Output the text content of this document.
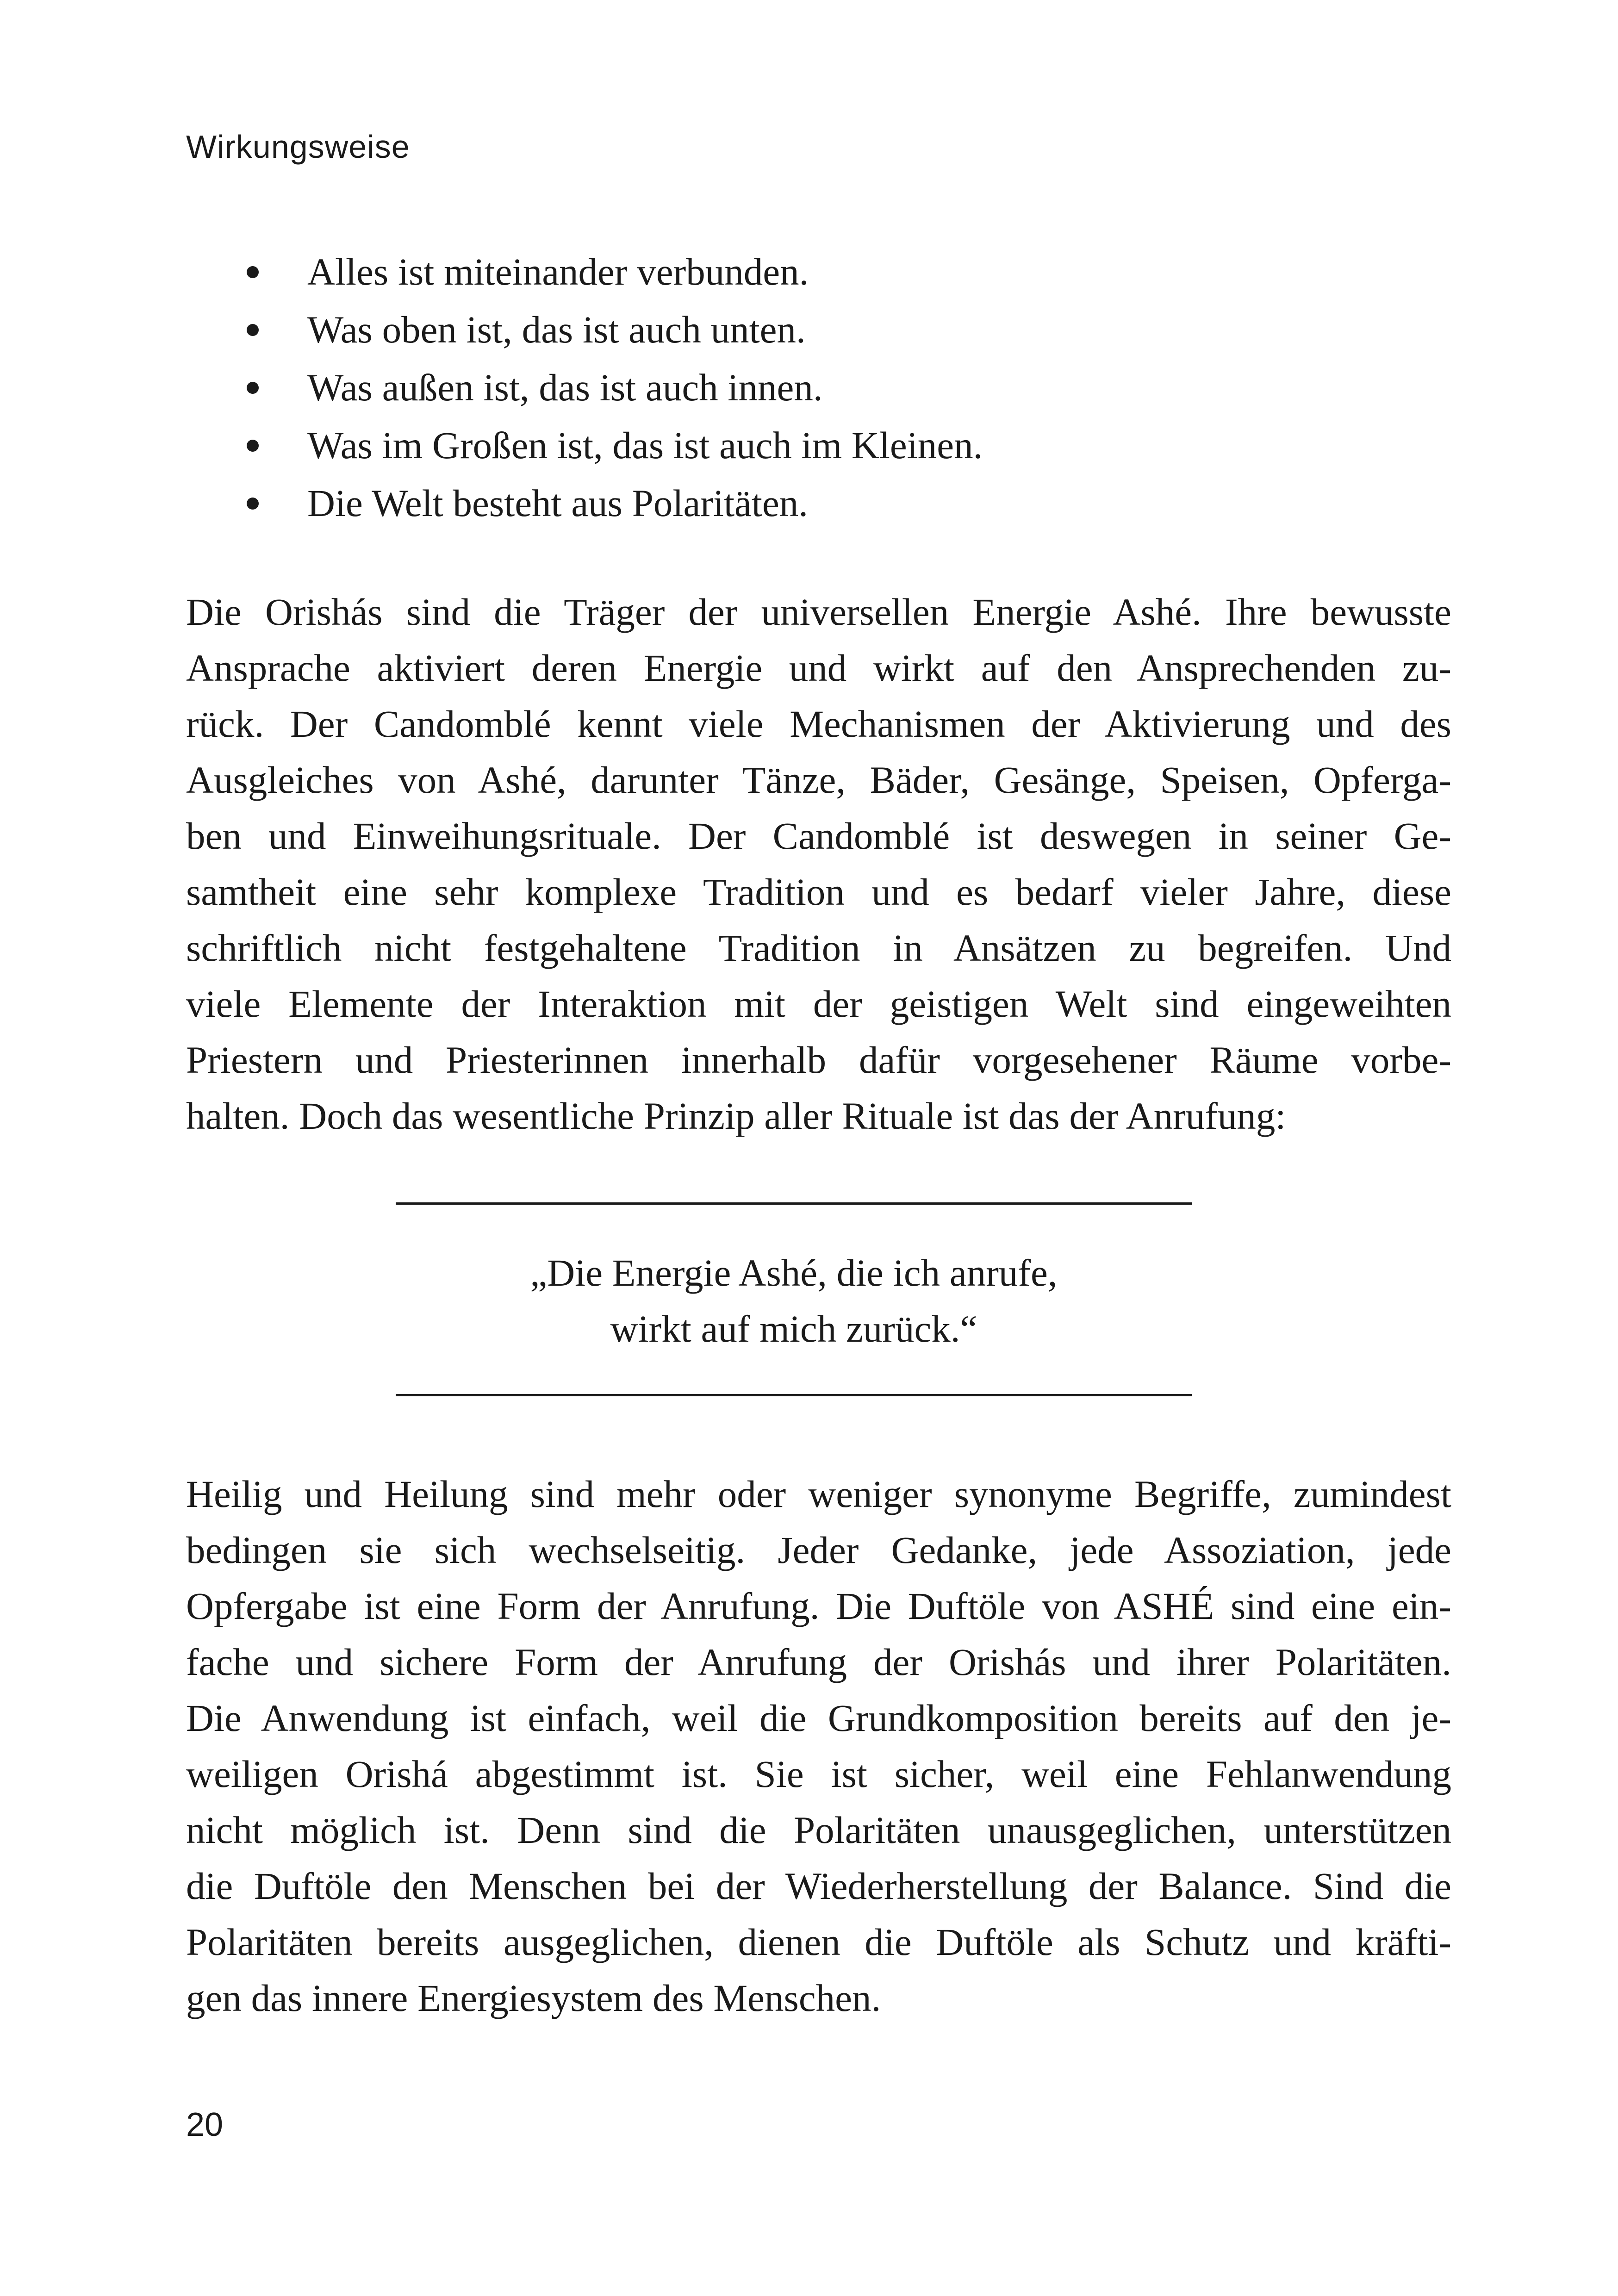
Wirkungsweise
Alles ist miteinander verbunden.
Was oben ist, das ist auch unten.
Was außen ist, das ist auch innen.
Was im Großen ist, das ist auch im Kleinen.
Die Welt besteht aus Polaritäten.
Die Orishás sind die Träger der universellen Energie Ashé. Ihre bewusste
Ansprache aktiviert deren Energie und wirkt auf den Ansprechenden zu-
rück. Der Candomblé kennt viele Mechanismen der Aktivierung und des
Ausgleiches von Ashé, darunter Tänze, Bäder, Gesänge, Speisen, Opferga-
ben und Einweihungsrituale. Der Candomblé ist deswegen in seiner Ge-
samtheit eine sehr komplexe Tradition und es bedarf vieler Jahre, diese
schriftlich nicht festgehaltene Tradition in Ansätzen zu begreifen. Und
viele Elemente der Interaktion mit der geistigen Welt sind eingeweihten
Priestern und Priesterinnen innerhalb dafür vorgesehener Räume vorbe-
halten. Doch das wesentliche Prinzip aller Rituale ist das der Anrufung:
„Die Energie Ashé, die ich anrufe,
wirkt auf mich zurück.“
Heilig und Heilung sind mehr oder weniger synonyme Begriffe, zumindest
bedingen sie sich wechselseitig. Jeder Gedanke, jede Assoziation, jede
Opfergabe ist eine Form der Anrufung. Die Duftöle von ASHÉ sind eine ein-
fache und sichere Form der Anrufung der Orishás und ihrer Polaritäten.
Die Anwendung ist einfach, weil die Grundkomposition bereits auf den je-
weiligen Orishá abgestimmt ist. Sie ist sicher, weil eine Fehlanwendung
nicht möglich ist. Denn sind die Polaritäten unausgeglichen, unterstützen
die Duftöle den Menschen bei der Wiederherstellung der Balance. Sind die
Polaritäten bereits ausgeglichen, dienen die Duftöle als Schutz und kräfti-
gen das innere Energiesystem des Menschen.
20
